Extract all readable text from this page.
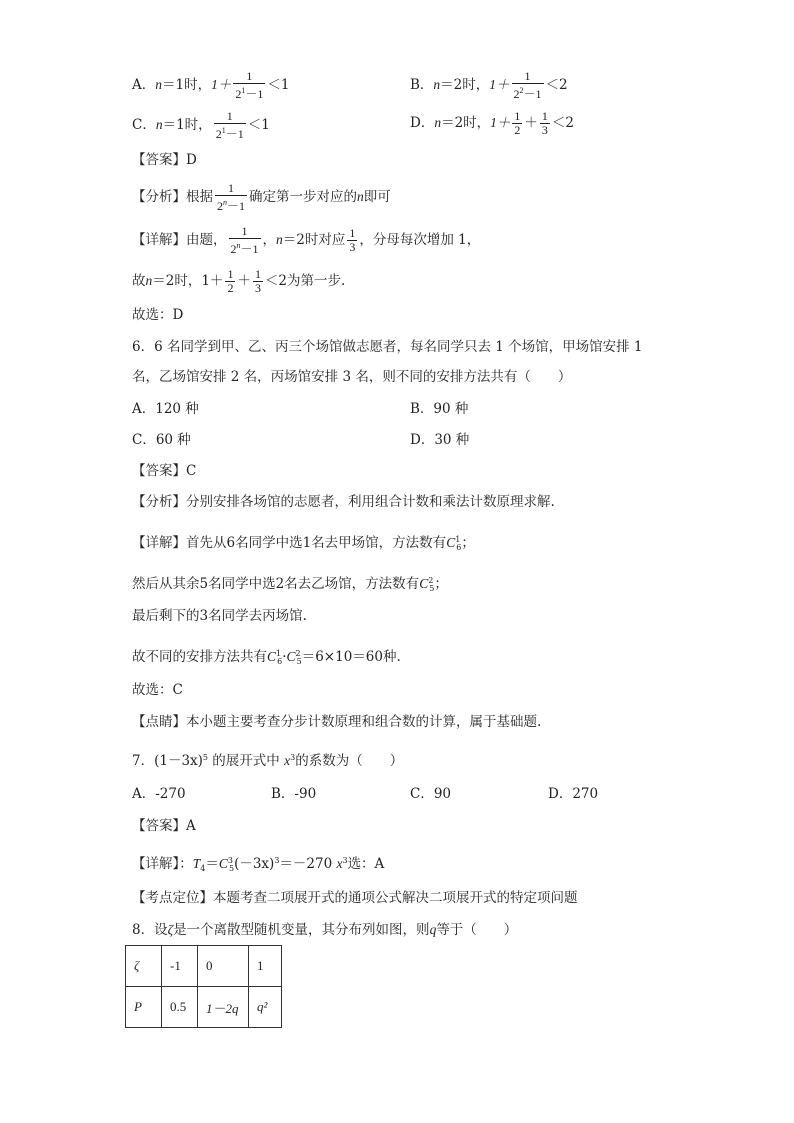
A．n＝1时，$1+ \frac{1}{2^1-1} <1$	B．n＝2时，$1+ \frac{1}{2^2-1} <2$
C．n＝1时， $\frac{1}{2^1-1} <1$	D．n＝2时，$1+ \frac{1}{2} + \frac{1}{3} <2$
【答案】D
【分析】根据 $\frac{1}{2^n-1}$ 确定第一步对应的n即可
【详解】由题， $\frac{1}{2^n-1}$ ，n＝2时对应 $\frac{1}{3}$ ，分母每次增加 1，
故n＝2时，$1+ \frac{1}{2} + \frac{1}{3} <2$为第一步.
故选：D
6．6 名同学到甲、乙、丙三个场馆做志愿者，每名同学只去 1 个场馆，甲场馆安排 1
名，乙场馆安排 2 名，丙场馆安排 3 名，则不同的安排方法共有（　　）
A．120 种	B．90 种
C．60 种	D．30 种
【答案】C
【分析】分别安排各场馆的志愿者，利用组合计数和乘法计数原理求解.
【详解】首先从6名同学中选1名去甲场馆，方法数有$C^1_6$；
然后从其余5名同学中选2名去乙场馆，方法数有$C^2_5$；
最后剩下的3名同学去丙场馆.
故不同的安排方法共有$C^1_6\cdot C^2_5=6\times 10=60$种.
故选：C
【点睛】本小题主要考查分步计数原理和组合数的计算，属于基础题.
7．$(1-3x)^5$ 的展开式中 $x^3$的系数为（　　）
A．-270	B．-90	C．90	D．270
【答案】A
【详解】：$T_4=C^3_5(-3x)^3=-270$ $x^3$选：A
【考点定位】本题考查二项展开式的通项公式解决二项展开式的特定项问题
8．设ζ是一个离散型随机变量，其分布列如图，则q等于（　　）
ζ	-1	0	1
P	0.5	1－2q	q²
